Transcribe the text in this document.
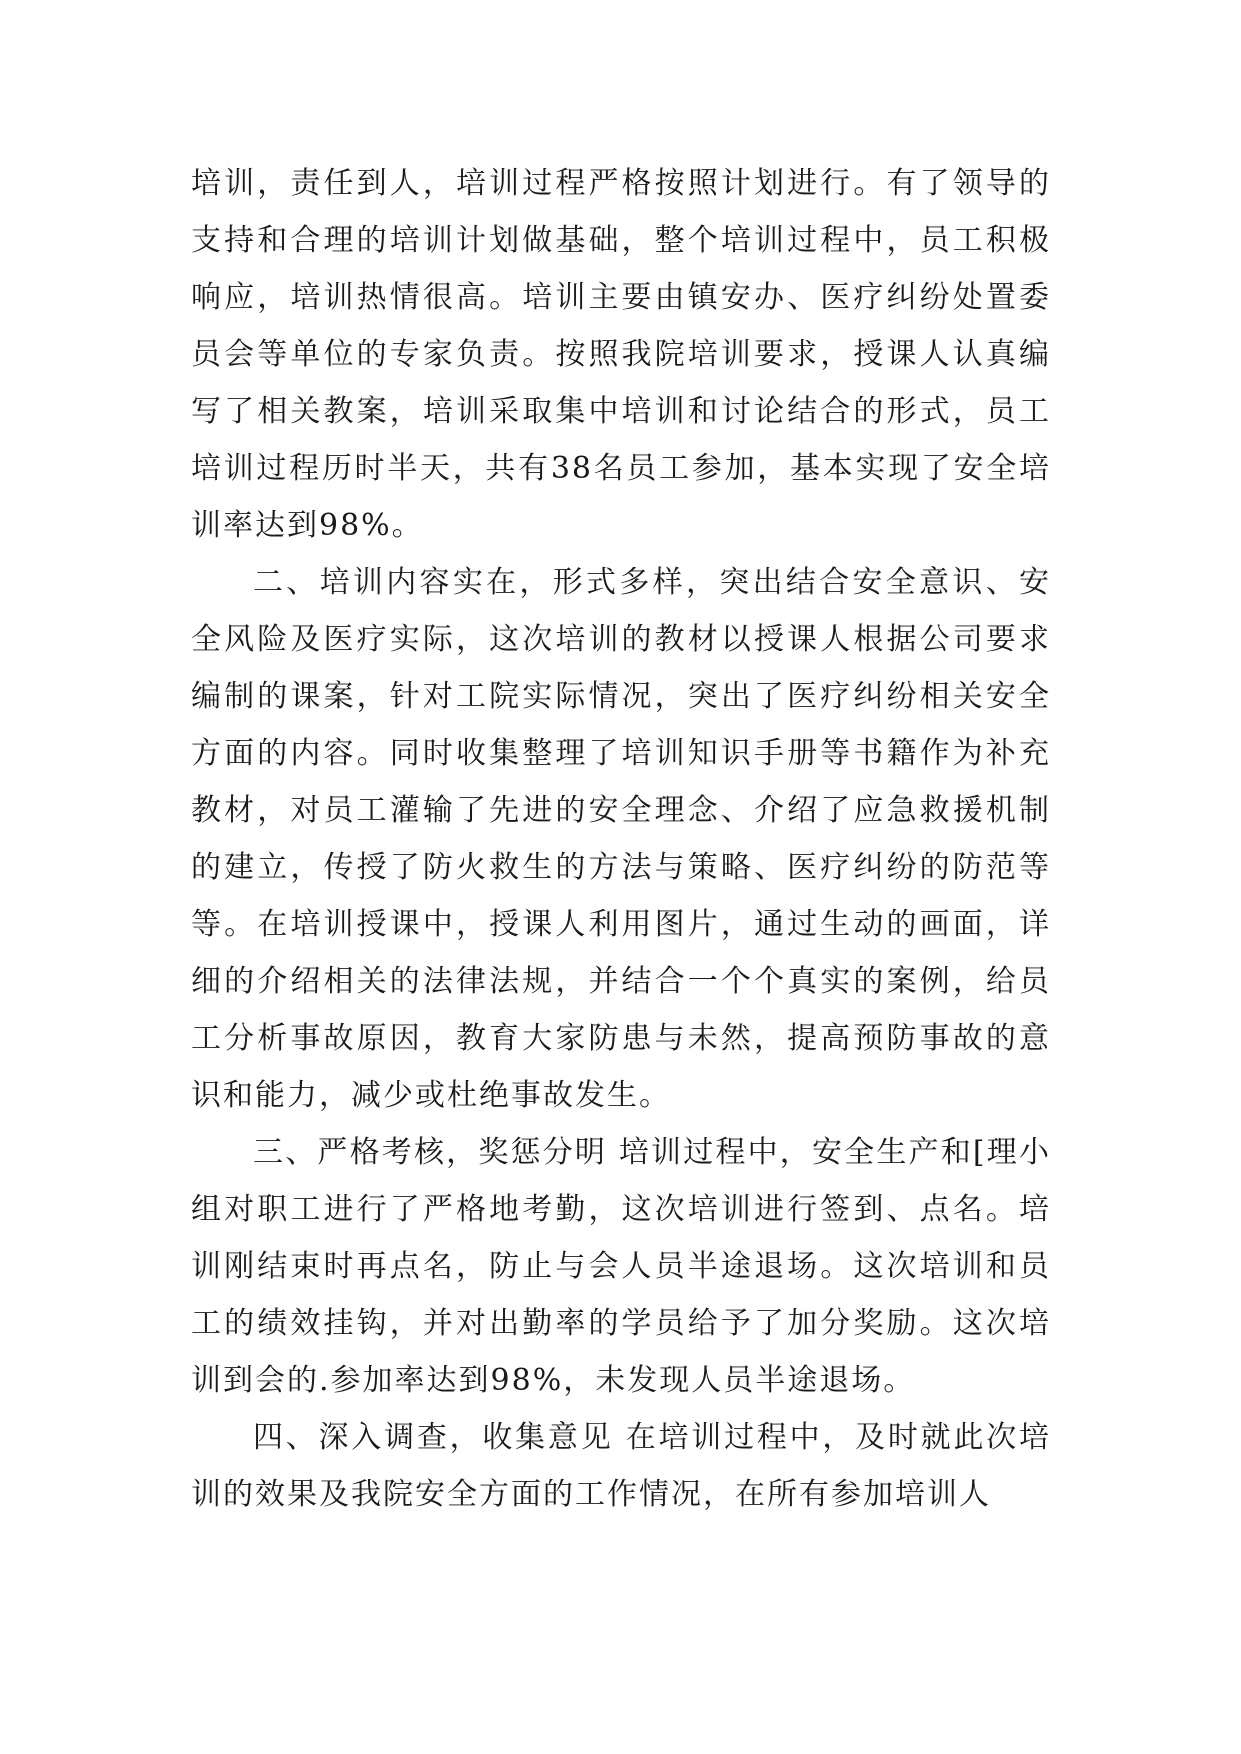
培训，责任到人，培训过程严格按照计划进行。有了领导的支持和合理的培训计划做基础，整个培训过程中，员工积极响应，培训热情很高。培训主要由镇安办、医疗纠纷处置委员会等单位的专家负责。按照我院培训要求，授课人认真编写了相关教案，培训采取集中培训和讨论结合的形式，员工培训过程历时半天，共有38名员工参加，基本实现了安全培训率达到98%。

二、培训内容实在，形式多样，突出结合安全意识、安全风险及医疗实际，这次培训的教材以授课人根据公司要求编制的课案，针对工院实际情况，突出了医疗纠纷相关安全方面的内容。同时收集整理了培训知识手册等书籍作为补充教材，对员工灌输了先进的安全理念、介绍了应急救援机制的建立，传授了防火救生的方法与策略、医疗纠纷的防范等等。在培训授课中，授课人利用图片，通过生动的画面，详细的介绍相关的法律法规，并结合一个个真实的案例，给员工分析事故原因，教育大家防患与未然，提高预防事故的意识和能力，减少或杜绝事故发生。

三、严格考核，奖惩分明 培训过程中，安全生产和[理小组对职工进行了严格地考勤，这次培训进行签到、点名。培训刚结束时再点名，防止与会人员半途退场。这次培训和员工的绩效挂钩，并对出勤率的学员给予了加分奖励。这次培训到会的.参加率达到98%，未发现人员半途退场。

四、深入调查，收集意见 在培训过程中，及时就此次培训的效果及我院安全方面的工作情况，在所有参加培训人
